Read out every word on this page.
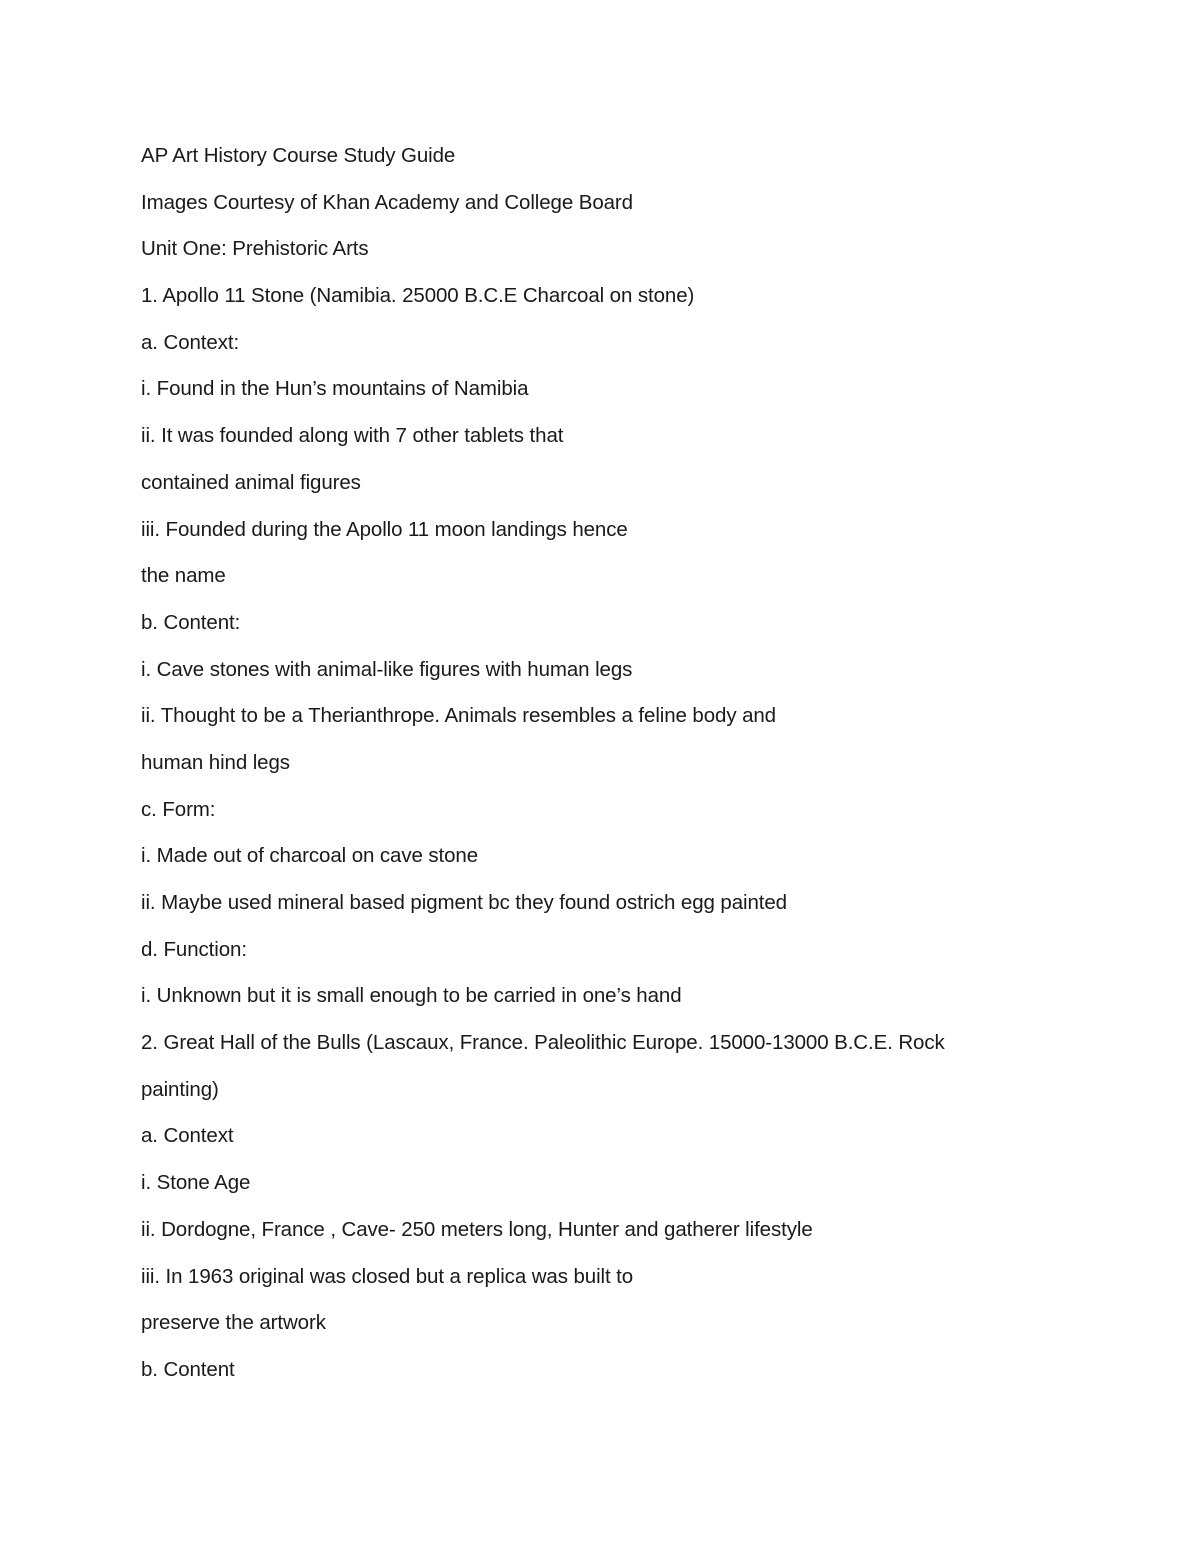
AP Art History Course Study Guide
Images Courtesy of Khan Academy and College Board
Unit One: Prehistoric Arts
1. Apollo 11 Stone (Namibia. 25000 B.C.E Charcoal on stone)
a. Context:
i. Found in the Hun’s mountains of Namibia
ii. It was founded along with 7 other tablets that
contained animal figures
iii. Founded during the Apollo 11 moon landings hence
the name
b. Content:
i. Cave stones with animal-like figures with human legs
ii. Thought to be a Therianthrope. Animals resembles a feline body and
human hind legs
c. Form:
i. Made out of charcoal on cave stone
ii. Maybe used mineral based pigment bc they found ostrich egg painted
d. Function:
i. Unknown but it is small enough to be carried in one’s hand
2. Great Hall of the Bulls (Lascaux, France. Paleolithic Europe. 15000-13000 B.C.E. Rock
painting)
a. Context
i. Stone Age
ii. Dordogne, France , Cave- 250 meters long, Hunter and gatherer lifestyle
iii. In 1963 original was closed but a replica was built to
preserve the artwork
b. Content
